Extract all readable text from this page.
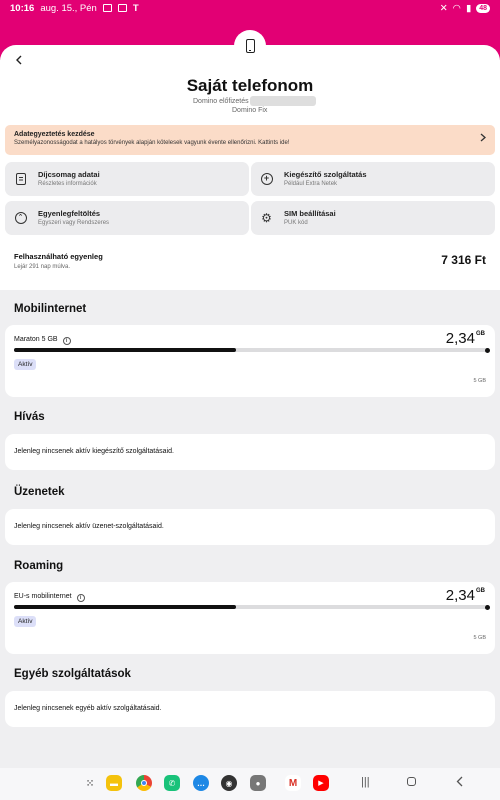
10:16 aug. 15., Pén	T	✕ ◠ ▮	48
Saját telefonom
Domino előfizetés
Domino Fix
Adategyeztetés kezdése
Személyazonosságodat a hatályos törvények alapján kötelesek vagyunk évente ellenőrizni. Kattints ide!
Díjcsomag adatai
Részletes információk
+	Kiegészítő szolgáltatás
Például Extra Netek
⌃	Egyenlegfeltöltés
Egyszeri vagy Rendszeres	⚙ SIM beállításai
PUK kód
Felhasználható egyenleg
Lejár 291 nap múlva.	7 316 Ft
Mobilinternet
Maraton 5 GB i	$2,34^{GB}$
Aktív
5 GB
Hívás
Jelenleg nincsenek aktív kiegészítő szolgáltatásaid.
Üzenetek
Jelenleg nincsenek aktív üzenet-szolgáltatásaid.
Roaming
EU-s mobilinternet i	$2,34^{GB}$
Aktív
5 GB
Egyéb szolgáltatások
Jelenleg nincsenek egyéb aktív szolgáltatásaid.
⁙	▬	✆	…	◉	●	M	▶	|||
